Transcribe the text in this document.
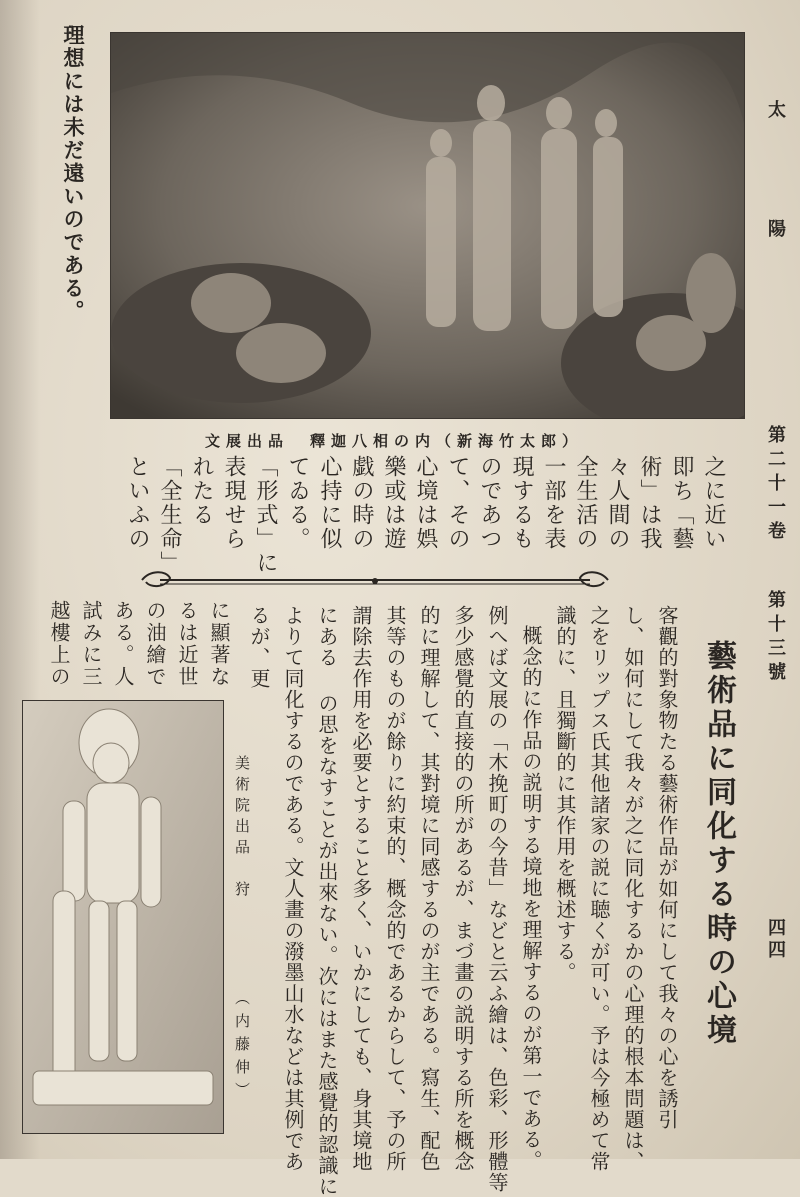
太 陽
第二十一卷
第十三號
四四
理想には未だ遠いのである。
文展出品　釋迦八相の内（新海竹太郎）
之に近い
即ち「藝
術」は我
々人間の
全生活の
一部を表
現するも
のであつ
て、その
心境は娯
樂或は遊
戯の時の
心持に似
てゐる。
「形式」に
表現せら
れたる
「全生命」
といふの
藝術品に同化する時の心境
客觀的對象物たる藝術作品が如何にして我々の心を誘引
し、如何にして我々が之に同化するかの心理的根本問題は、
之をリップス氏其他諸家の説に聴くが可い。予は今極めて常
識的に、且獨斷的に其作用を概述する。
概念的に作品の説明する境地を理解するのが第一である。
例へば文展の「木挽町の今昔」などと云ふ繪は、色彩、形體等
多少感覺的直接的の所があるが、まづ畫の説明する所を概念
的に理解して、其對境に同感するのが主である。寫生、配色
其等のものが餘りに約束的、概念的であるからして、予の所
謂除去作用を必要とすること多く、いかにしても、身其境地
にある の思をなすことが出來ない。次にはまた感覺的認識に
よりて同化するのである。文人畫の潑墨山水などは其例であ
るが、更
に顯著な
るは近世
の油繪で
ある。人
試みに三
越樓上の
美術院出品　狩
（内藤伸）
